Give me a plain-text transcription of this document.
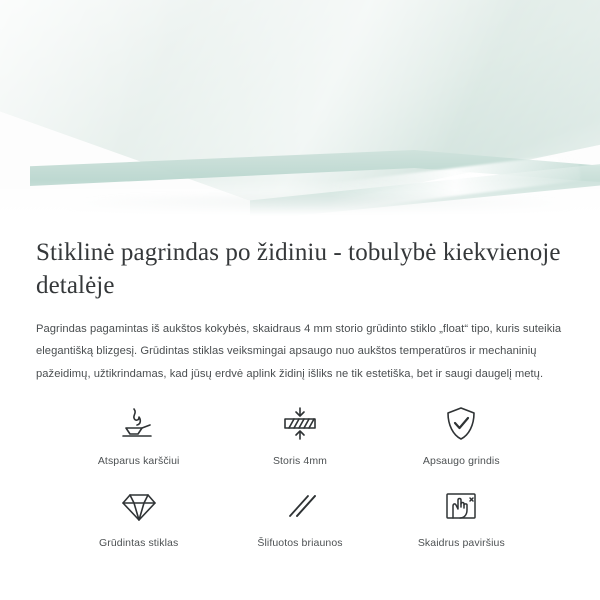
Stiklinė pagrindas po židiniu - tobulybė kiekvienoje detalėje

Pagrindas pagamintas iš aukštos kokybės, skaidraus 4 mm storio grūdinto stiklo „float“ tipo, kuris suteikia elegantišką blizgesį. Grūdintas stiklas veiksmingai apsaugo nuo aukštos temperatūros ir mechaninių pažeidimų, užtikrindamas, kad jūsų erdvė aplink židinį išliks ne tik estetiška, bet ir saugi daugelį metų.

Atsparus karščiui	Storis 4mm	Apsaugo grindis
Grūdintas stiklas	Šlifuotos briaunos	Skaidrus paviršius
